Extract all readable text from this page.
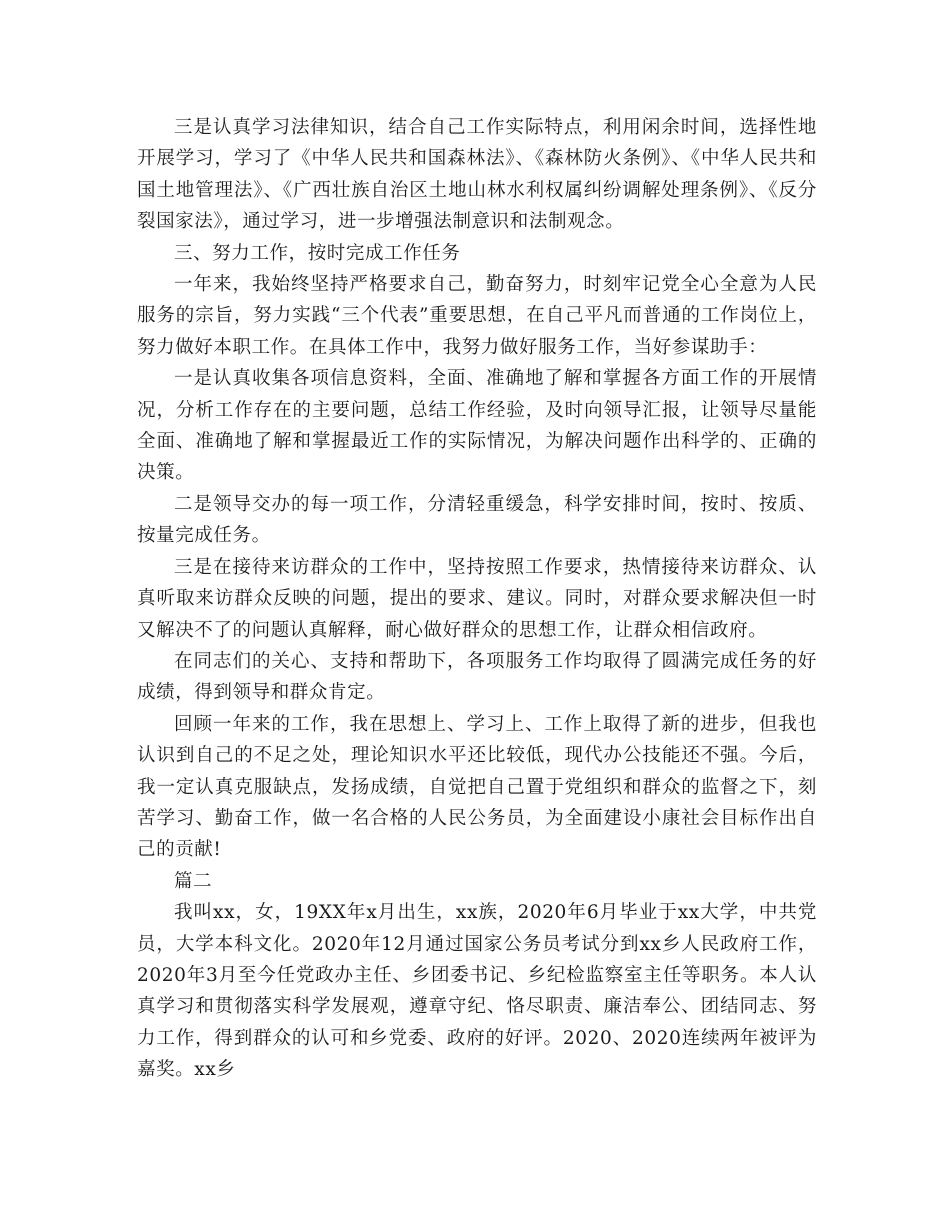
三是认真学习法律知识，结合自己工作实际特点，利用闲余时间，选择性地开展学习，学习了《中华人民共和国森林法》、《森林防火条例》、《中华人民共和国土地管理法》、《广西壮族自治区土地山林水利权属纠纷调解处理条例》、《反分裂国家法》，通过学习，进一步增强法制意识和法制观念。

三、努力工作，按时完成工作任务

一年来，我始终坚持严格要求自己，勤奋努力，时刻牢记党全心全意为人民服务的宗旨，努力实践“三个代表”重要思想，在自己平凡而普通的工作岗位上，努力做好本职工作。在具体工作中，我努力做好服务工作，当好参谋助手：

一是认真收集各项信息资料，全面、准确地了解和掌握各方面工作的开展情况，分析工作存在的主要问题，总结工作经验，及时向领导汇报，让领导尽量能全面、准确地了解和掌握最近工作的实际情况，为解决问题作出科学的、正确的决策。

二是领导交办的每一项工作，分清轻重缓急，科学安排时间，按时、按质、按量完成任务。

三是在接待来访群众的工作中，坚持按照工作要求，热情接待来访群众、认真听取来访群众反映的问题，提出的要求、建议。同时，对群众要求解决但一时又解决不了的问题认真解释，耐心做好群众的思想工作，让群众相信政府。

在同志们的关心、支持和帮助下，各项服务工作均取得了圆满完成任务的好成绩，得到领导和群众肯定。

回顾一年来的工作，我在思想上、学习上、工作上取得了新的进步，但我也认识到自己的不足之处，理论知识水平还比较低，现代办公技能还不强。今后，我一定认真克服缺点，发扬成绩，自觉把自己置于党组织和群众的监督之下，刻苦学习、勤奋工作，做一名合格的人民公务员，为全面建设小康社会目标作出自己的贡献!

篇二

我叫xx，女，19XX年x月出生，xx族，2020年6月毕业于xx大学，中共党员，大学本科文化。2020年12月通过国家公务员考试分到xx乡人民政府工作，2020年3月至今任党政办主任、乡团委书记、乡纪检监察室主任等职务。本人认真学习和贯彻落实科学发展观，遵章守纪、恪尽职责、廉洁奉公、团结同志、努力工作，得到群众的认可和乡党委、政府的好评。2020、2020连续两年被评为嘉奖。xx乡
